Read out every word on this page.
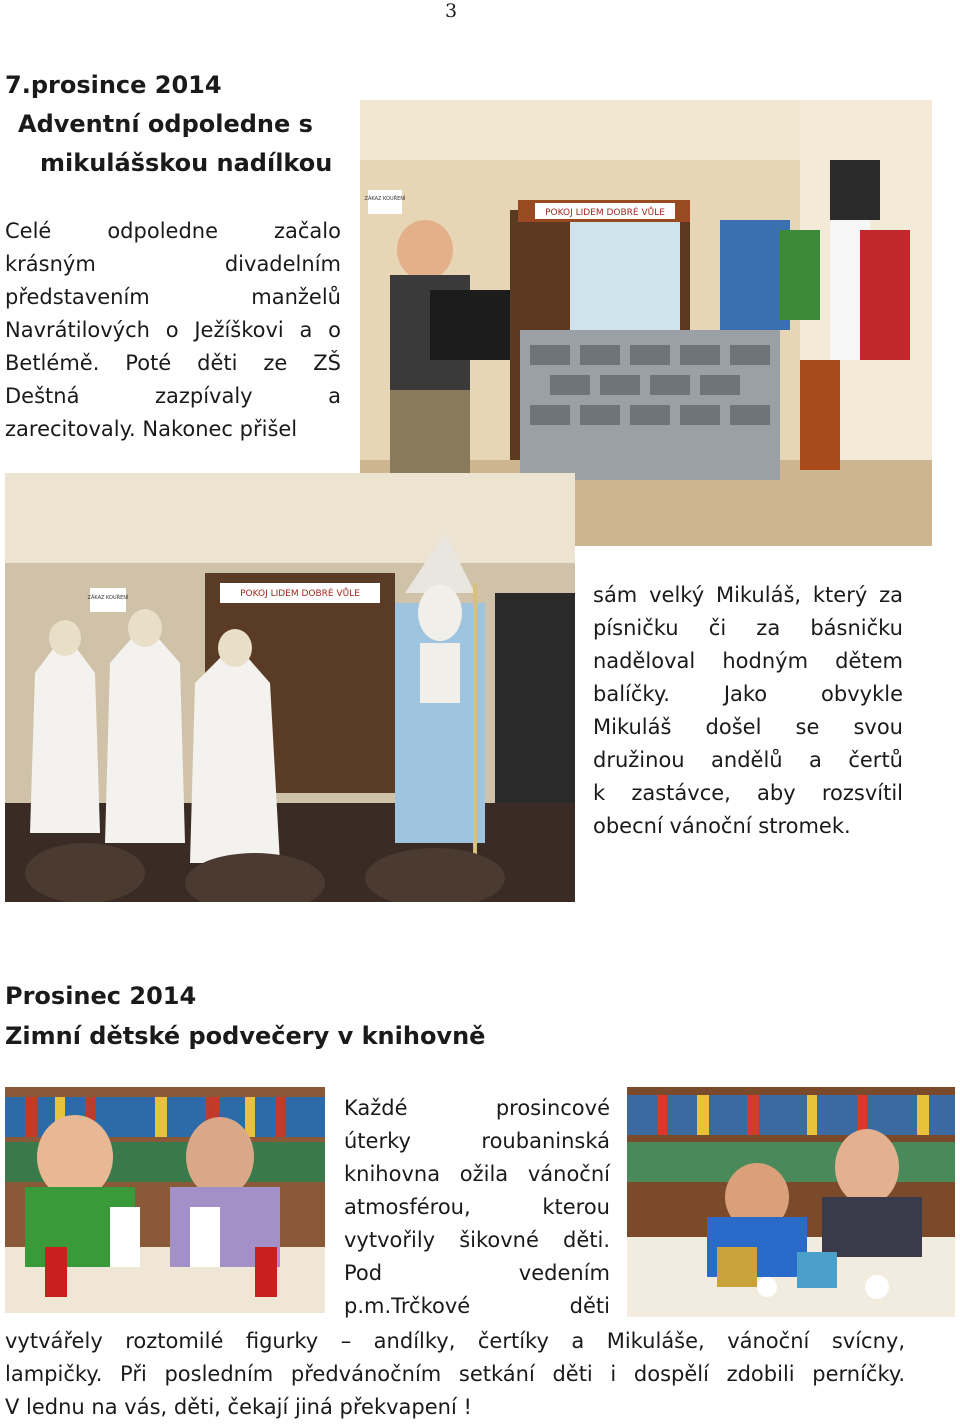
3
7.prosince 2014
Adventní odpoledne s
mikulášskou nadílkou
Celé odpoledne začalo
krásným divadelním
představením manželů
Navrátilových o Ježíškovi a o
Betlémě. Poté děti ze ZŠ
Deštná zazpívaly a
zarecitovaly. Nakonec přišel
POKOJ LIDEM DOBRÉ VŮLE
ZÁKAZ KOUŘENÍ
POKOJ LIDEM DOBRÉ VŮLE
ZÁKAZ KOUŘENÍ	sám velký Mikuláš, který za
písničku či za básničku
naděloval hodným dětem
balíčky. Jako obvykle
Mikuláš došel se svou
družinou andělů a čertů
k zastávce, aby rozsvítil
obecní vánoční stromek.
Prosinec 2014
Zimní dětské podvečery v knihovně
Každé prosincové
úterky roubaninská
knihovna ožila vánoční
atmosférou, kterou
vytvořily šikovné děti.
Pod vedením
p.m.Trčkové děti
vytvářely roztomilé figurky – andílky, čertíky a Mikuláše, vánoční svícny,
lampičky. Při posledním předvánočním setkání děti i dospělí zdobili perníčky.
V lednu na vás, děti, čekají jiná překvapení !
